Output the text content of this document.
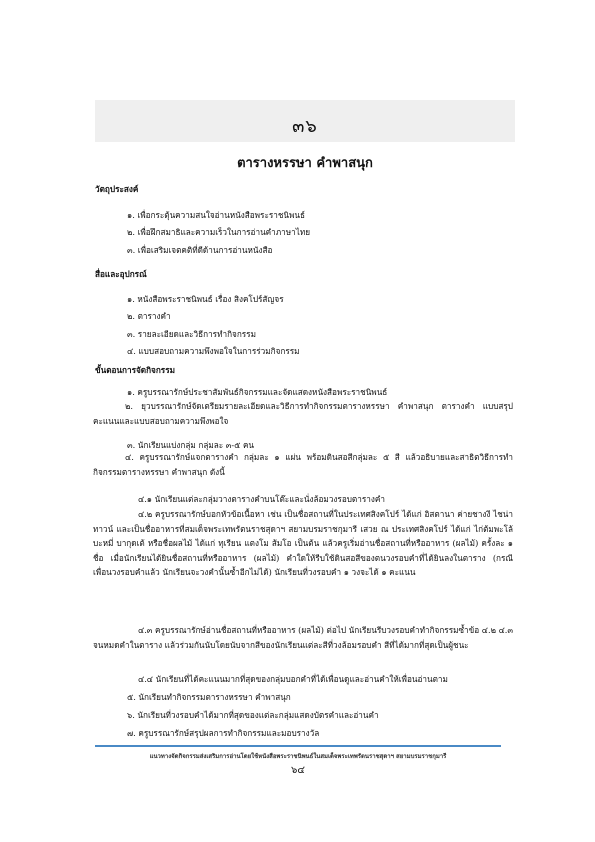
๓๖
ตารางหรรษา คำพาสนุก
วัตถุประสงค์
๑. เพื่อกระตุ้นความสนใจอ่านหนังสือพระราชนิพนธ์
๒. เพื่อฝึกสมาธิและความเร็วในการอ่านคำภาษาไทย
๓. เพื่อเสริมเจตคติที่ดีด้านการอ่านหนังสือ
สื่อและอุปกรณ์
๑. หนังสือพระราชนิพนธ์ เรื่อง สิงคโปร์สัญจร
๒. ตารางคำ
๓. รายละเอียดและวิธีการทำกิจกรรม
๔. แบบสอบถามความพึงพอใจในการร่วมกิจกรรม
ขั้นตอนการจัดกิจกรรม
๑. ครูบรรณารักษ์ประชาสัมพันธ์กิจกรรมและจัดแสดงหนังสือพระราชนิพนธ์
๒. ยุวบรรณารักษ์จัดเตรียมรายละเอียดและวิธีการทำกิจกรรมตารางหรรษา คำพาสนุก ตารางคำ แบบสรุปคะแนนและแบบสอบถามความพึงพอใจ
๓. นักเรียนแบ่งกลุ่ม กลุ่มละ ๓-๕ คน
๔. ครูบรรณารักษ์แจกตารางคำ กลุ่มละ ๑ แผ่น พร้อมดินสอสีกลุ่มละ ๕ สี แล้วอธิบายและสาธิตวิธีการทำกิจกรรมตารางหรรษา คำพาสนุก ดังนี้
๔.๑ นักเรียนแต่ละกลุ่มวางตารางคำบนโต๊ะและนั่งล้อมวงรอบตารางคำ
๔.๒ ครูบรรณารักษ์บอกหัวข้อเนื้อหา เช่น เป็นชื่อสถานที่ในประเทศสิงคโปร์ ได้แก่ อิสตานา ค่ายชางงี ไชน่าทาวน์ และเป็นชื่ออาหารที่สมเด็จพระเทพรัตนราชสุดาฯ สยามบรมราชกุมารี เสวย ณ ประเทศสิงคโปร์ ได้แก่ ไก่ต้มพะโล้ บะหมี่ บากุดเต้ หรือชื่อผลไม้ ได้แก่ ทุเรียน แตงโม ส้มโอ เป็นต้น แล้วครูเริ่มอ่านชื่อสถานที่หรืออาหาร (ผลไม้) ครั้งละ ๑ ชื่อ เมื่อนักเรียนได้ยินชื่อสถานที่หรืออาหาร (ผลไม้) คำใดให้รีบใช้ดินสอสีของตนวงรอบคำที่ได้ยินลงในตาราง (กรณีเพื่อนวงรอบคำแล้ว นักเรียนจะวงคำนั้นซ้ำอีกไม่ได้) นักเรียนที่วงรอบคำ ๑ วงจะได้ ๑ คะแนน
๔.๓ ครูบรรณารักษ์อ่านชื่อสถานที่หรืออาหาร (ผลไม้) ต่อไป นักเรียนรีบวงรอบคำทำกิจกรรมซ้ำข้อ ๔.๒ ๔.๓ จนหมดคำในตาราง แล้วร่วมกันนับโดยนับจากสีของนักเรียนแต่ละสีที่วงล้อมรอบคำ สีที่ได้มากที่สุดเป็นผู้ชนะ
๔.๔ นักเรียนที่ได้คะแนนมากที่สุดของกลุ่มบอกคำที่ได้เพื่อนดูและอ่านคำให้เพื่อนอ่านตาม
๕. นักเรียนทำกิจกรรมตารางหรรษา คำพาสนุก
๖. นักเรียนที่วงรอบคำได้มากที่สุดของแต่ละกลุ่มแสดงบัตรคำและอ่านคำ
๗. ครูบรรณารักษ์สรุปผลการทำกิจกรรมและมอบรางวัล
แนวทางจัดกิจกรรมส่งเสริมการอ่านโดยใช้หนังสือพระราชนิพนธ์ในสมเด็จพระเทพรัตนราชสุดาฯ สยามบรมราชกุมารี
๖๔
